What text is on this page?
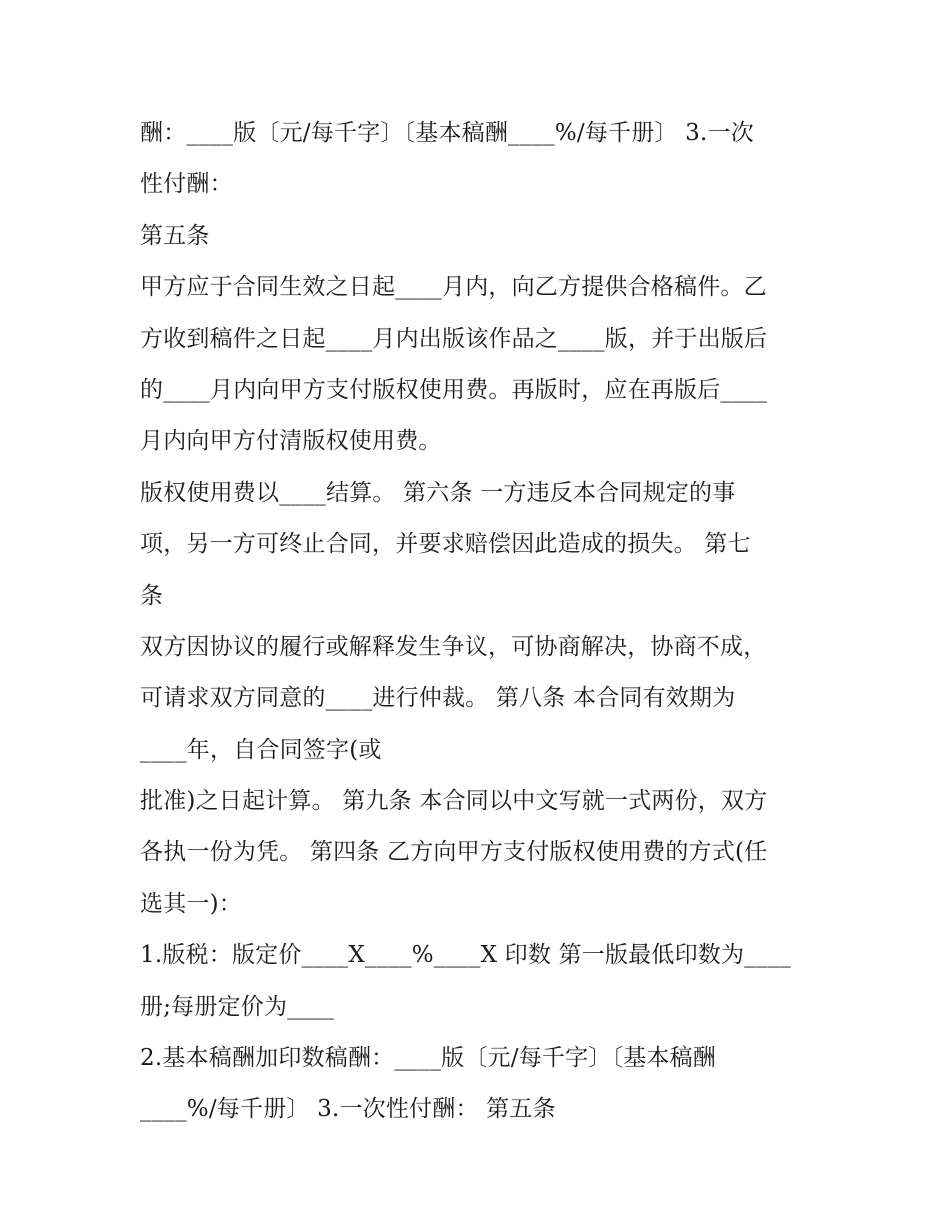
酬：____版〔元/每千字〕〔基本稿酬____%/每千册〕 3.一次
性付酬：
第五条
甲方应于合同生效之日起____月内，向乙方提供合格稿件。乙
方收到稿件之日起____月内出版该作品之____版，并于出版后
的____月内向甲方支付版权使用费。再版时，应在再版后____
月内向甲方付清版权使用费。
版权使用费以____结算。 第六条 一方违反本合同规定的事
项，另一方可终止合同，并要求赔偿因此造成的损失。 第七
条
双方因协议的履行或解释发生争议，可协商解决，协商不成，
可请求双方同意的____进行仲裁。 第八条 本合同有效期为
____年，自合同签字(或
批准)之日起计算。 第九条 本合同以中文写就一式两份，双方
各执一份为凭。 第四条 乙方向甲方支付版权使用费的方式(任
选其一)：
1.版税：版定价____X____%____X 印数 第一版最低印数为____
册;每册定价为____
2.基本稿酬加印数稿酬：____版〔元/每千字〕〔基本稿酬
____%/每千册〕 3.一次性付酬： 第五条
